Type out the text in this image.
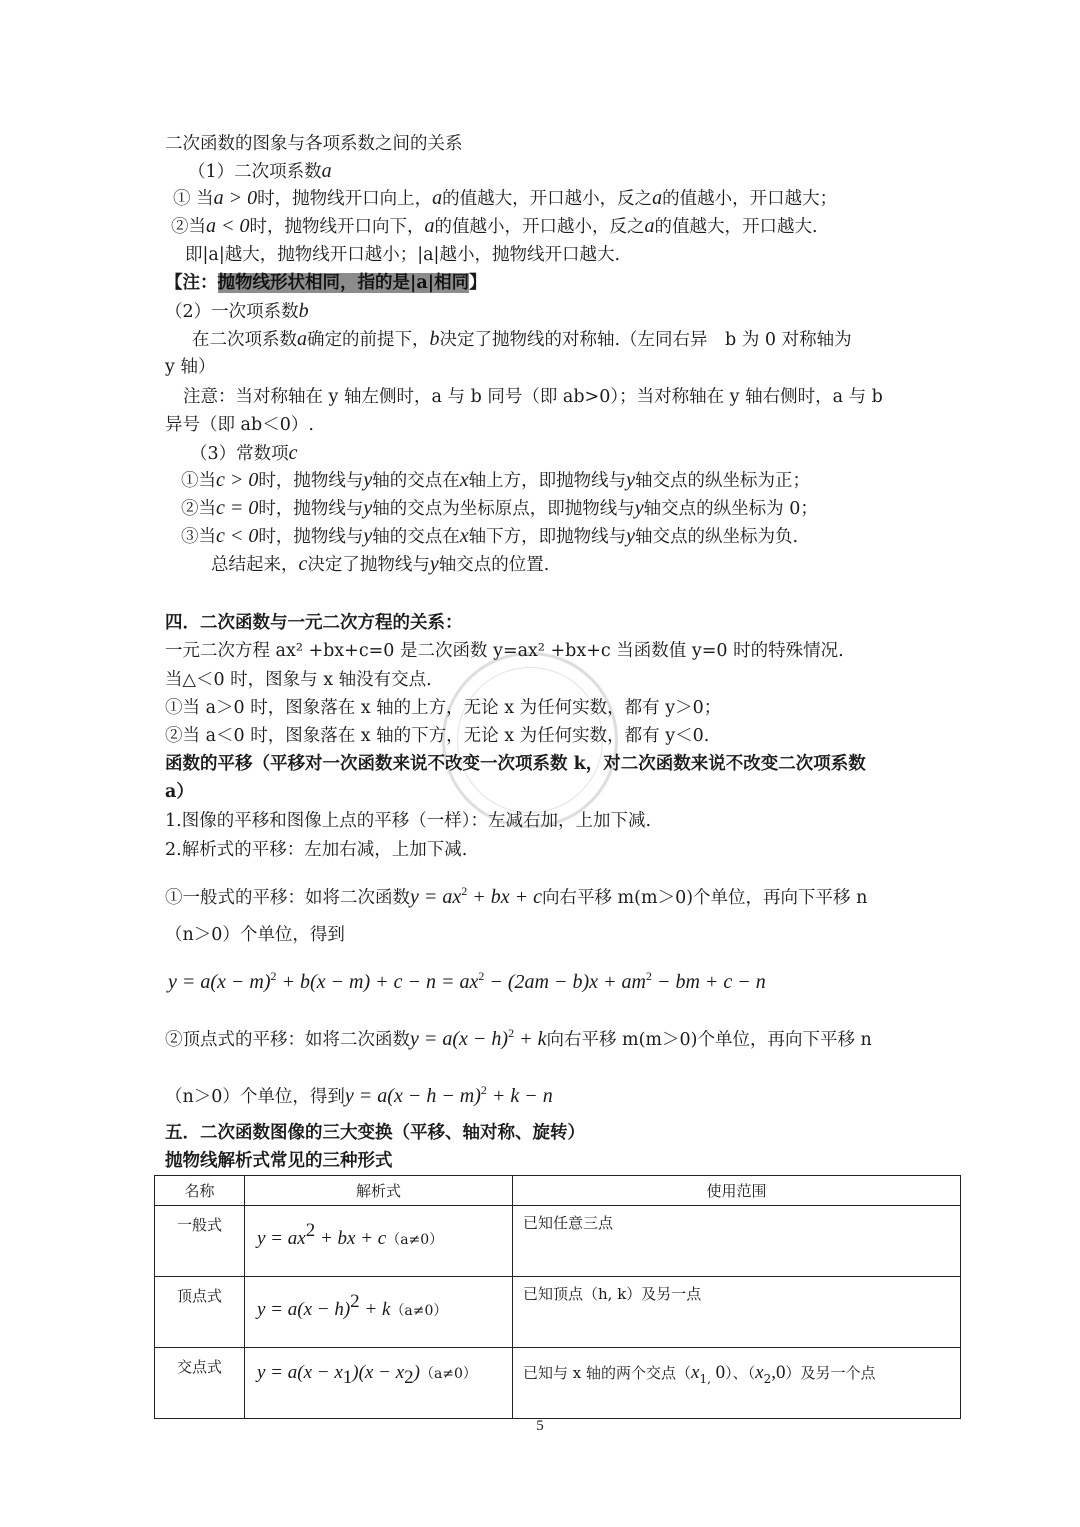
二次函数的图象与各项系数之间的关系
（1）二次项系数a
① 当a > 0时，抛物线开口向上，a的值越大，开口越小，反之a的值越小，开口越大；
②当a < 0时，抛物线开口向下，a的值越小，开口越小，反之a的值越大，开口越大.
即|a|越大，抛物线开口越小；|a|越小，抛物线开口越大.
【注：抛物线形状相同，指的是|a|相同】
（2）一次项系数b
在二次项系数a确定的前提下，b决定了抛物线的对称轴.（左同右异　b 为 0 对称轴为
y 轴）
注意：当对称轴在 y 轴左侧时，a 与 b 同号（即 ab>0）；当对称轴在 y 轴右侧时，a 与 b
异号（即 ab＜0）.
（3）常数项c
①当c > 0时，抛物线与y轴的交点在x轴上方，即抛物线与y轴交点的纵坐标为正；
②当c = 0时，抛物线与y轴的交点为坐标原点，即抛物线与y轴交点的纵坐标为 0；
③当c < 0时，抛物线与y轴的交点在x轴下方，即抛物线与y轴交点的纵坐标为负.
总结起来，c决定了抛物线与y轴交点的位置.
四．二次函数与一元二次方程的关系：
一元二次方程 ax² +bx+c=0 是二次函数 y=ax² +bx+c 当函数值 y=0 时的特殊情况.
当△＜0 时，图象与 x 轴没有交点.
①当 a＞0 时，图象落在 x 轴的上方，无论 x 为任何实数，都有 y＞0；
②当 a＜0 时，图象落在 x 轴的下方，无论 x 为任何实数，都有 y＜0.
函数的平移（平移对一次函数来说不改变一次项系数 k，对二次函数来说不改变二次项系数
a）
1.图像的平移和图像上点的平移（一样）：左减右加，上加下减.
2.解析式的平移：左加右减，上加下减.
①一般式的平移：如将二次函数$y = ax^2$ + bx + c向右平移 m(m＞0)个单位，再向下平移 n
（n＞0）个单位，得到
$y = a(x - m)^2 + b(x - m) + c - n = ax^2 - (2am - b)x + am^2$ − bm + c − n
②顶点式的平移：如将二次函数$y = a(x - h)^2 + k$向右平移 m(m＞0)个单位，再向下平移 n
（n＞0）个单位，得到$y = a(x - h - m)^2 + k - n$
五．二次函数图像的三大变换（平移、轴对称、旋转）
抛物线解析式常见的三种形式
名称	解析式	使用范围
一般式	y = ax2 + bx + c（a≠0）	已知任意三点
顶点式	y = a(x − h)2 + k（a≠0）	已知顶点（h, k）及另一点
交点式	y = a(x − x1)(x − x2)（a≠0）	已知与 x 轴的两个交点（$x_{1,}$ 0）、$(x_2,0)$及另一个点
5
